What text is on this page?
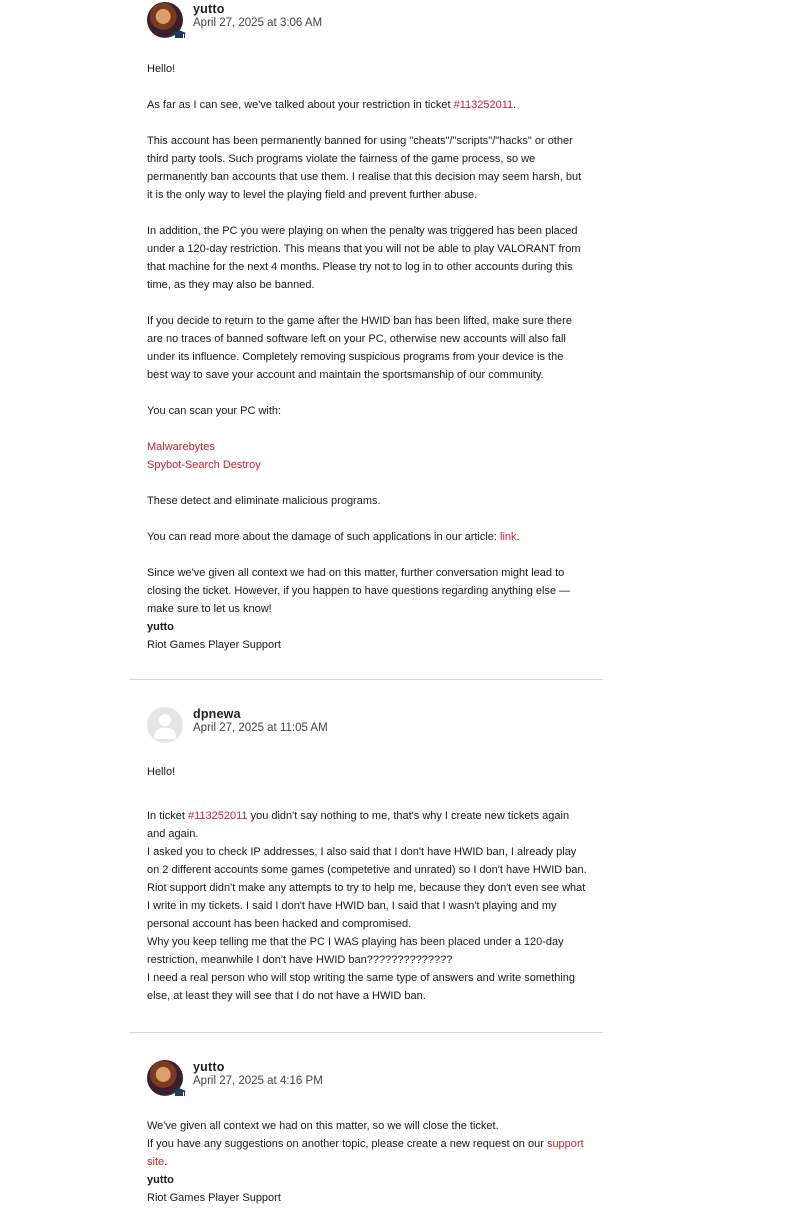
yutto
April 27, 2025 at 3:06 AM

Hello!

As far as I can see, we've talked about your restriction in ticket #113252011.

This account has been permanently banned for using "cheats"/"scripts"/"hacks" or other third party tools. Such programs violate the fairness of the game process, so we permanently ban accounts that use them. I realise that this decision may seem harsh, but it is the only way to level the playing field and prevent further abuse.

In addition, the PC you were playing on when the penalty was triggered has been placed under a 120-day restriction. This means that you will not be able to play VALORANT from that machine for the next 4 months. Please try not to log in to other accounts during this time, as they may also be banned.

If you decide to return to the game after the HWID ban has been lifted, make sure there are no traces of banned software left on your PC, otherwise new accounts will also fall under its influence. Completely removing suspicious programs from your device is the best way to save your account and maintain the sportsmanship of our community.

You can scan your PC with:

Malwarebytes

Spybot-Search Destroy

These detect and eliminate malicious programs.

You can read more about the damage of such applications in our article: link.

Since we've given all context we had on this matter, further conversation might lead to closing the ticket. However, if you happen to have questions regarding anything else — make sure to let us know!

yutto

Riot Games Player Support

dpnewa
April 27, 2025 at 11:05 AM

Hello!

In ticket #113252011 you didn't say nothing to me, that's why I create new tickets again and again.

I asked you to check IP addresses, I also said that I don't have HWID ban, I already play on 2 different accounts some games (competetive and unrated) so I don't have HWID ban.

Riot support didn't make any attempts to try to help me, because they don't even see what I write in my tickets. I said I don't have HWID ban, I said that I wasn't playing and my personal account has been hacked and compromised.

Why you keep telling me that the PC I WAS playing has been placed under a 120-day restriction, meanwhile I don't have HWID ban??????????????

I need a real person who will stop writing the same type of answers and write something else, at least they will see that I do not have a HWID ban.

yutto
April 27, 2025 at 4:16 PM

We've given all context we had on this matter, so we will close the ticket.

If you have any suggestions on another topic, please create a new request on our support site.

yutto

Riot Games Player Support
